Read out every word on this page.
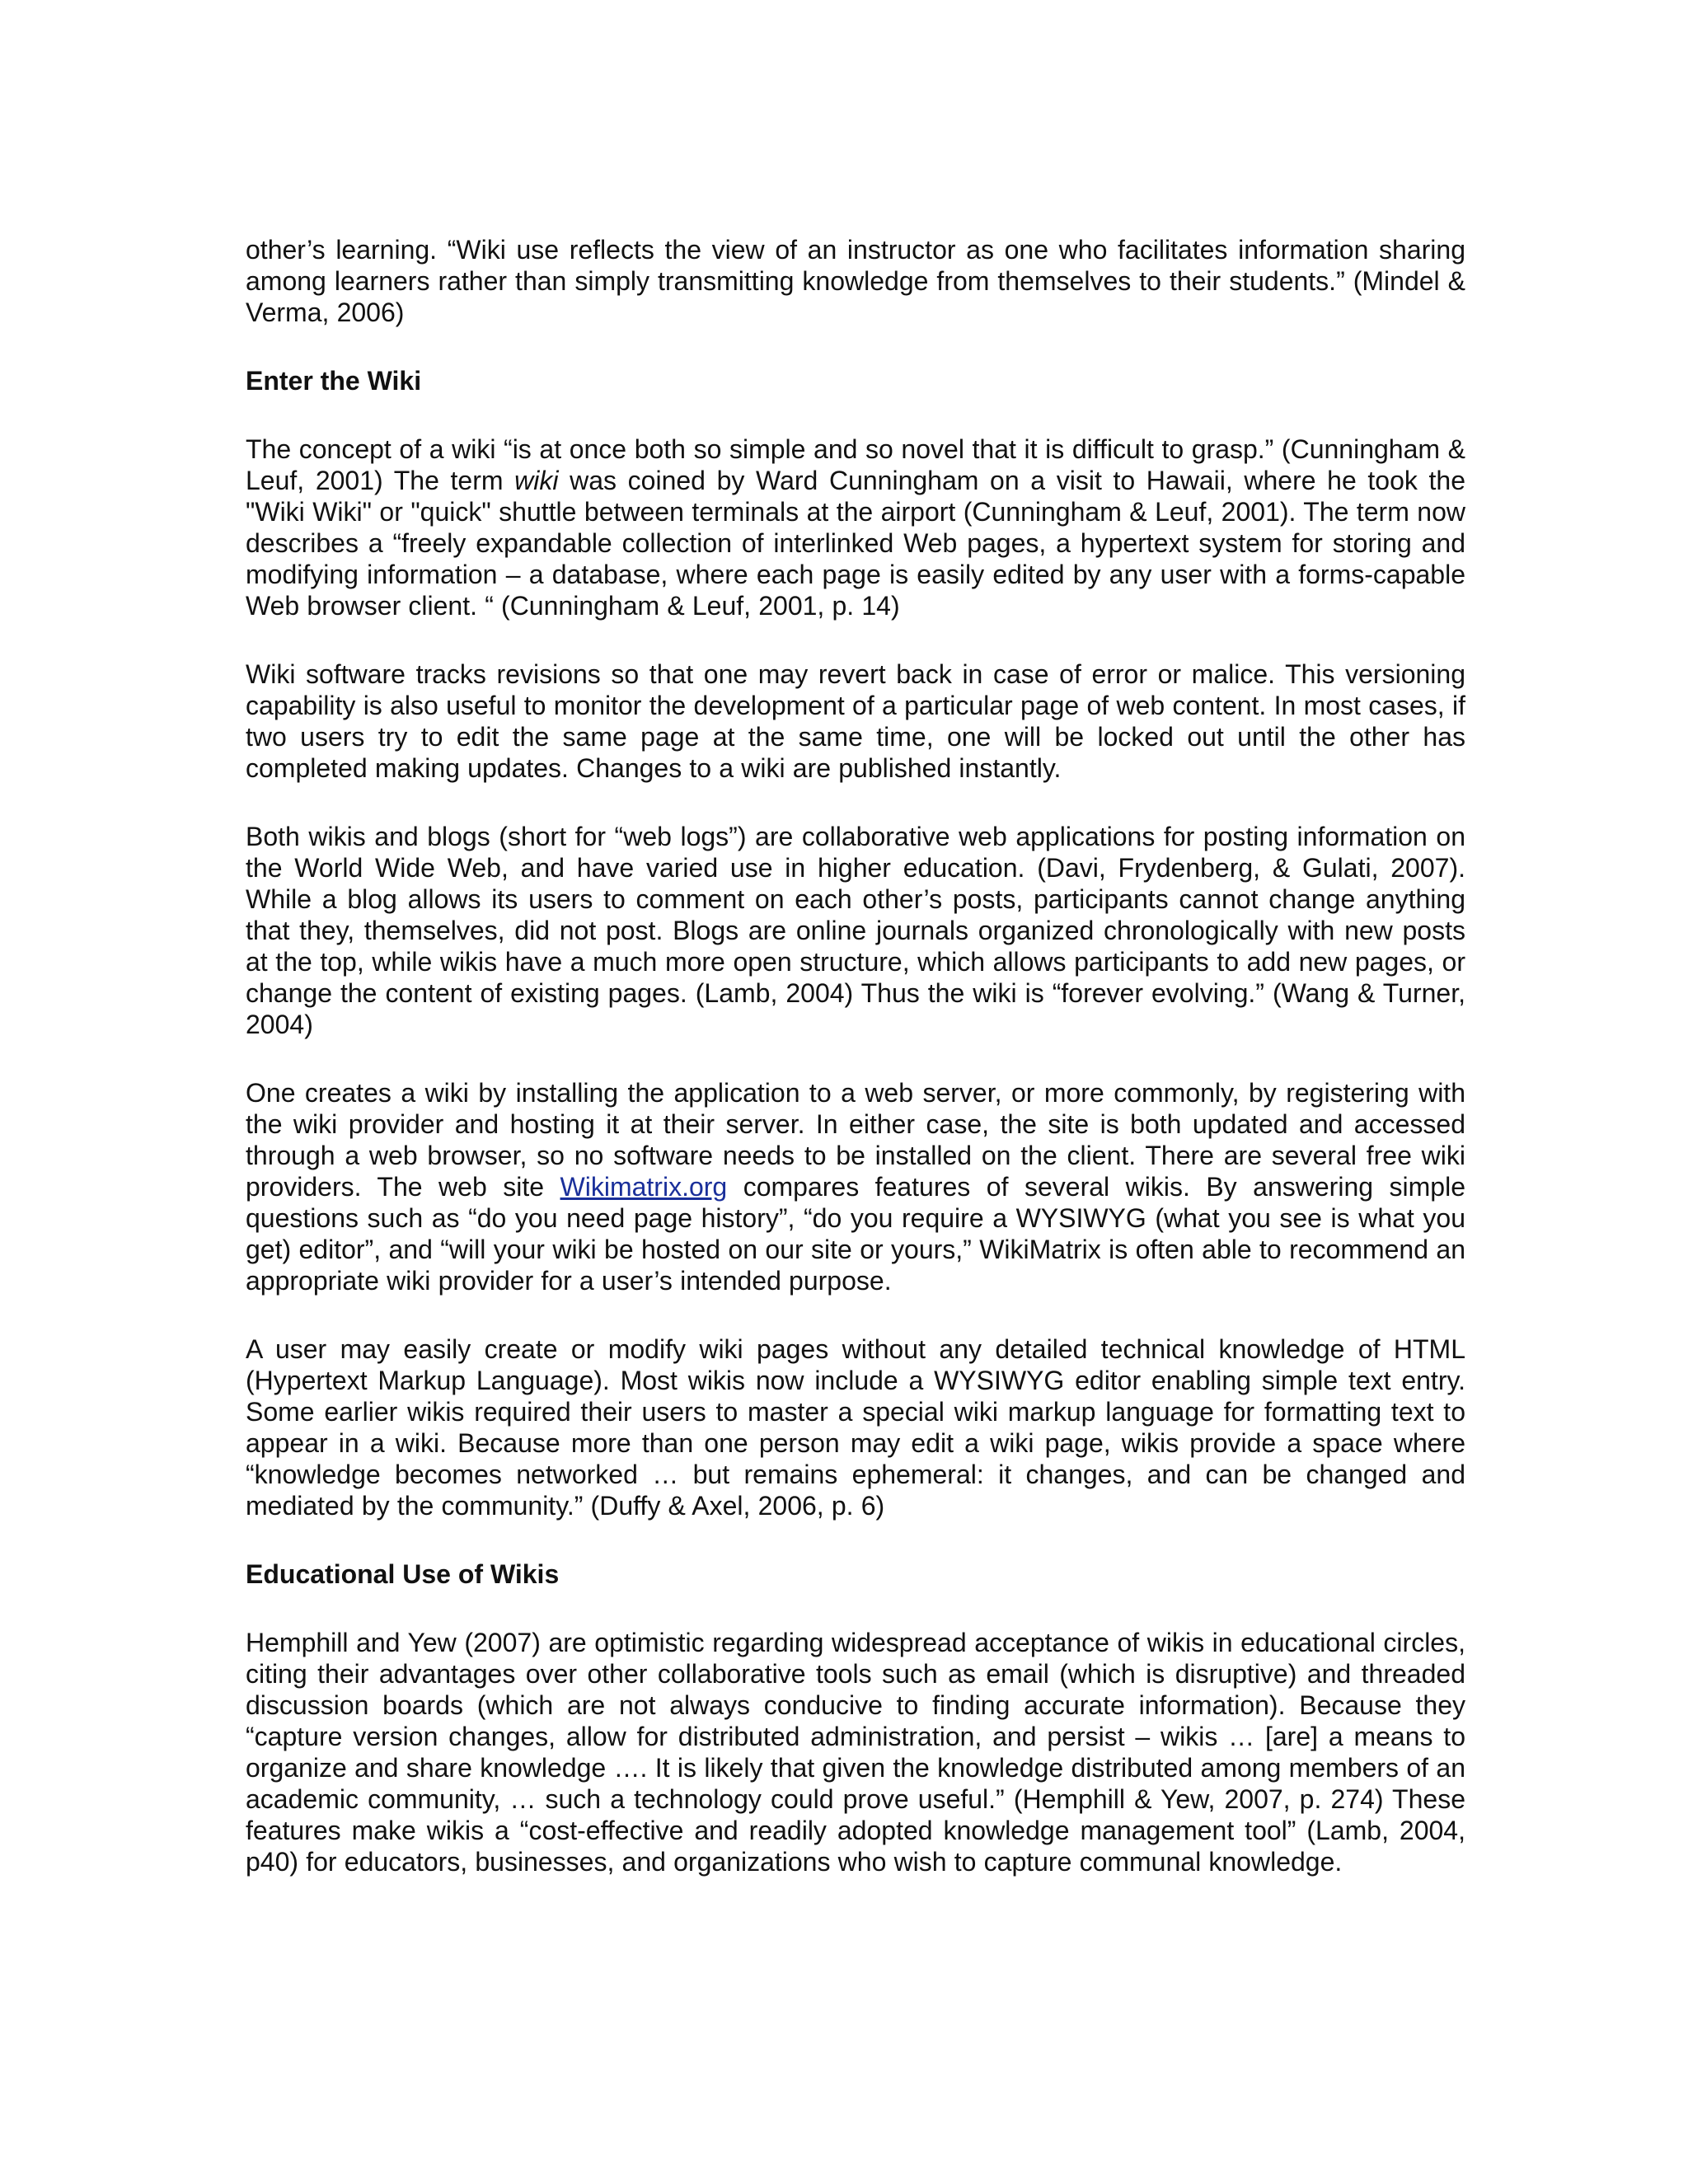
other’s learning. “Wiki use reflects the view of an instructor as one who facilitates information sharing among learners rather than simply transmitting knowledge from themselves to their students.” (Mindel & Verma, 2006)

Enter the Wiki

The concept of a wiki “is at once both so simple and so novel that it is difficult to grasp.” (Cunningham & Leuf, 2001) The term wiki was coined by Ward Cunningham on a visit to Hawaii, where he took the "Wiki Wiki" or "quick" shuttle between terminals at the airport (Cunningham & Leuf, 2001). The term now describes a “freely expandable collection of interlinked Web pages, a hypertext system for storing and modifying information – a database, where each page is easily edited by any user with a forms-capable Web browser client. “ (Cunningham & Leuf, 2001, p. 14)

Wiki software tracks revisions so that one may revert back in case of error or malice. This versioning capability is also useful to monitor the development of a particular page of web content. In most cases, if two users try to edit the same page at the same time, one will be locked out until the other has completed making updates. Changes to a wiki are published instantly.

Both wikis and blogs (short for “web logs”) are collaborative web applications for posting information on the World Wide Web, and have varied use in higher education. (Davi, Frydenberg, & Gulati, 2007). While a blog allows its users to comment on each other’s posts, participants cannot change anything that they, themselves, did not post. Blogs are online journals organized chronologically with new posts at the top, while wikis have a much more open structure, which allows participants to add new pages, or change the content of existing pages. (Lamb, 2004) Thus the wiki is “forever evolving.” (Wang & Turner, 2004)

One creates a wiki by installing the application to a web server, or more commonly, by registering with the wiki provider and hosting it at their server. In either case, the site is both updated and accessed through a web browser, so no software needs to be installed on the client. There are several free wiki providers. The web site Wikimatrix.org compares features of several wikis. By answering simple questions such as “do you need page history”, “do you require a WYSIWYG (what you see is what you get) editor”, and “will your wiki be hosted on our site or yours,” WikiMatrix is often able to recommend an appropriate wiki provider for a user’s intended purpose.

A user may easily create or modify wiki pages without any detailed technical knowledge of HTML (Hypertext Markup Language). Most wikis now include a WYSIWYG editor enabling simple text entry. Some earlier wikis required their users to master a special wiki markup language for formatting text to appear in a wiki. Because more than one person may edit a wiki page, wikis provide a space where “knowledge becomes networked … but remains ephemeral: it changes, and can be changed and mediated by the community.” (Duffy & Axel, 2006, p. 6)

Educational Use of Wikis

Hemphill and Yew (2007) are optimistic regarding widespread acceptance of wikis in educational circles, citing their advantages over other collaborative tools such as email (which is disruptive) and threaded discussion boards (which are not always conducive to finding accurate information). Because they “capture version changes, allow for distributed administration, and persist – wikis … [are] a means to organize and share knowledge …. It is likely that given the knowledge distributed among members of an academic community, … such a technology could prove useful.” (Hemphill & Yew, 2007, p. 274) These features make wikis a “cost-effective and readily adopted knowledge management tool” (Lamb, 2004, p40) for educators, businesses, and organizations who wish to capture communal knowledge.
